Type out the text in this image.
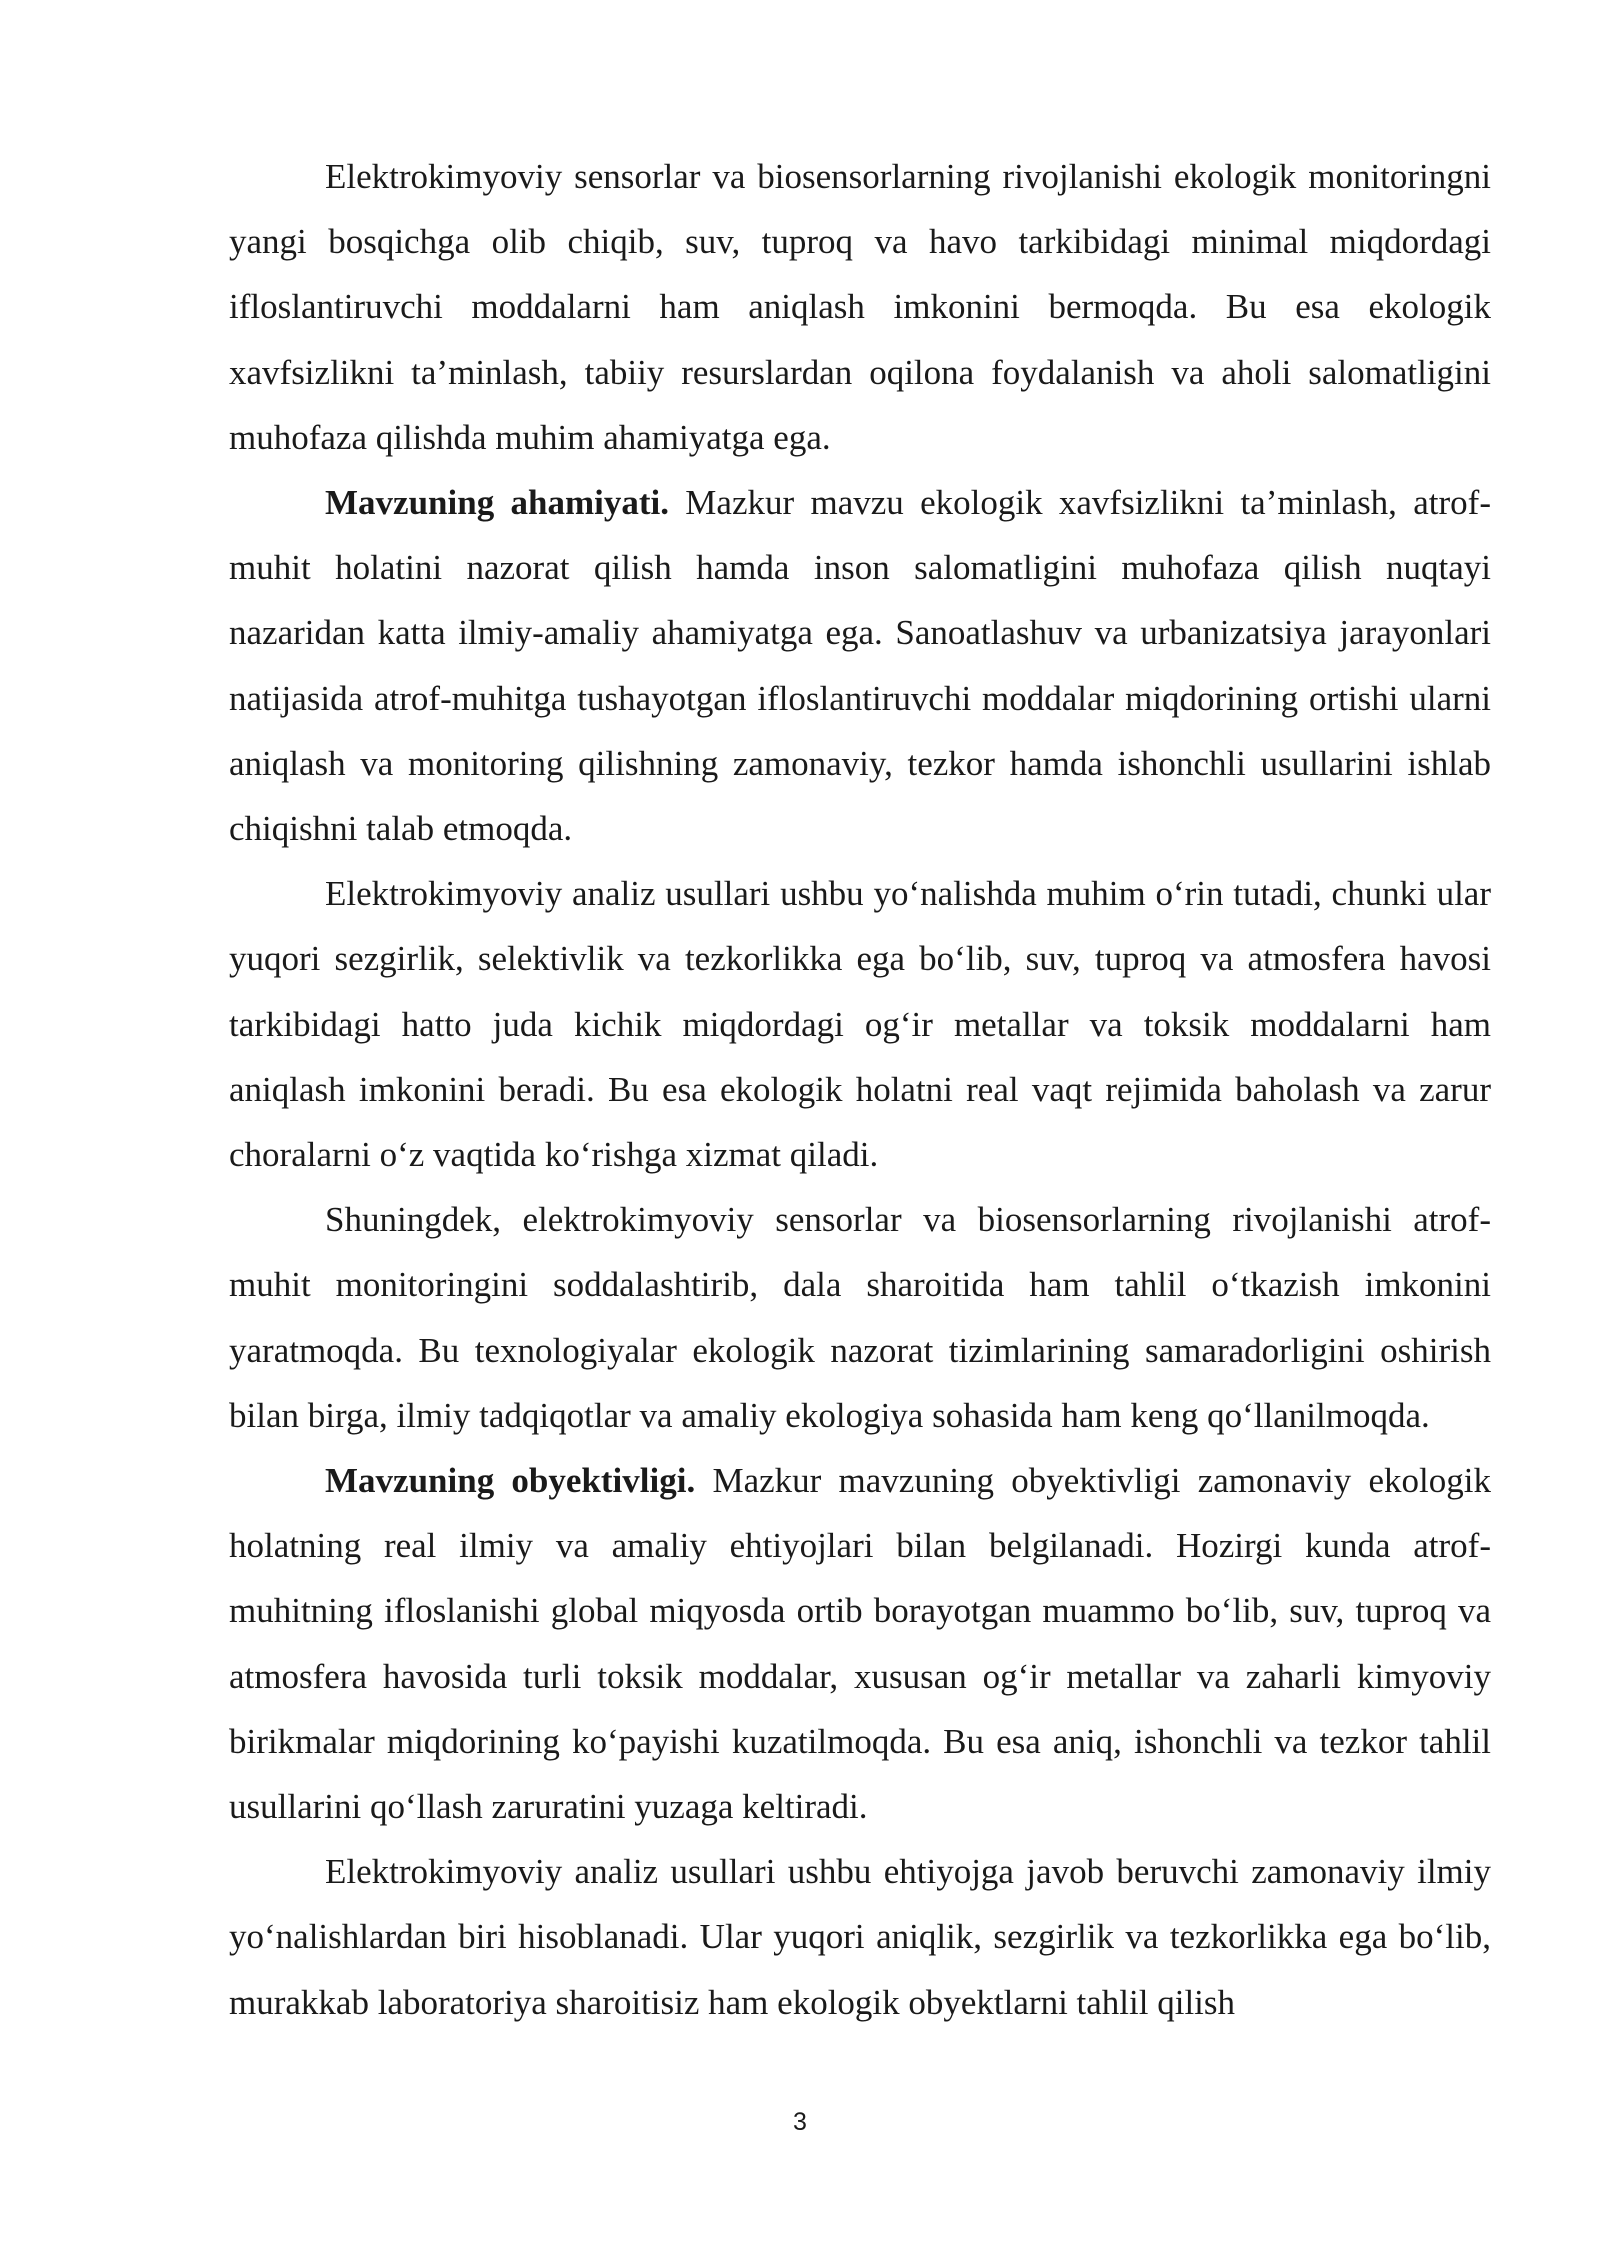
Elektrokimyoviy sensorlar va biosensorlarning rivojlanishi ekologik monitoringni yangi bosqichga olib chiqib, suv, tuproq va havo tarkibidagi minimal miqdordagi ifloslantiruvchi moddalarni ham aniqlash imkonini bermoqda. Bu esa ekologik xavfsizlikni ta’minlash, tabiiy resurslardan oqilona foydalanish va aholi salomatligini muhofaza qilishda muhim ahamiyatga ega.

Mavzuning ahamiyati. Mazkur mavzu ekologik xavfsizlikni ta’minlash, atrof-muhit holatini nazorat qilish hamda inson salomatligini muhofaza qilish nuqtayi nazaridan katta ilmiy-amaliy ahamiyatga ega. Sanoatlashuv va urbanizatsiya jarayonlari natijasida atrof-muhitga tushayotgan ifloslantiruvchi moddalar miqdorining ortishi ularni aniqlash va monitoring qilishning zamonaviy, tezkor hamda ishonchli usullarini ishlab chiqishni talab etmoqda.

Elektrokimyoviy analiz usullari ushbu yo‘nalishda muhim o‘rin tutadi, chunki ular yuqori sezgirlik, selektivlik va tezkorlikka ega bo‘lib, suv, tuproq va atmosfera havosi tarkibidagi hatto juda kichik miqdordagi og‘ir metallar va toksik moddalarni ham aniqlash imkonini beradi. Bu esa ekologik holatni real vaqt rejimida baholash va zarur choralarni o‘z vaqtida ko‘rishga xizmat qiladi.

Shuningdek, elektrokimyoviy sensorlar va biosensorlarning rivojlanishi atrof-muhit monitoringini soddalashtirib, dala sharoitida ham tahlil o‘tkazish imkonini yaratmoqda. Bu texnologiyalar ekologik nazorat tizimlarining samaradorligini oshirish bilan birga, ilmiy tadqiqotlar va amaliy ekologiya sohasida ham keng qo‘llanilmoqda.

Mavzuning obyektivligi. Mazkur mavzuning obyektivligi zamonaviy ekologik holatning real ilmiy va amaliy ehtiyojlari bilan belgilanadi. Hozirgi kunda atrof-muhitning ifloslanishi global miqyosda ortib borayotgan muammo bo‘lib, suv, tuproq va atmosfera havosida turli toksik moddalar, xususan og‘ir metallar va zaharli kimyoviy birikmalar miqdorining ko‘payishi kuzatilmoqda. Bu esa aniq, ishonchli va tezkor tahlil usullarini qo‘llash zaruratini yuzaga keltiradi.

Elektrokimyoviy analiz usullari ushbu ehtiyojga javob beruvchi zamonaviy ilmiy yo‘nalishlardan biri hisoblanadi. Ular yuqori aniqlik, sezgirlik va tezkorlikka ega bo‘lib, murakkab laboratoriya sharoitisiz ham ekologik obyektlarni tahlil qilish

3
